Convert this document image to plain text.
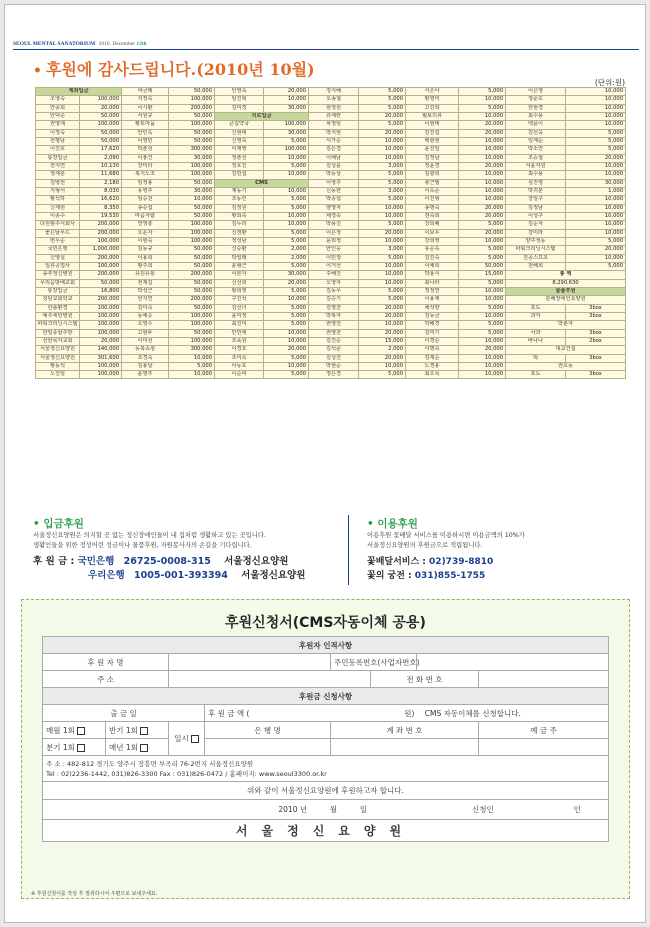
SEOUL MENTAL SANATORIUM 2010. December 13th
• 후원에 감사드립니다.(2010년 10월)
(단위:원)
계좌입금		여금례	50,000	안영숙	20,000	정지혜	5,000	서은아	5,000	이은영	10,000
조영숙	100,000	지정숙	100,000	임진혁	10,000	오송철	5,000	황영미	10,000	정준호	10,000
안종희	20,000	이시환	200,000	김미경	30,000	현정원	5,000	고진희	5,000	한현경	10,000
안덕준	50,000	서원규	50,000	지로입금		류재란	20,000	월보의류	10,000	최수용	10,000
권영재	100,000	황토마을	100,000	큰길약국	100,000	차정임	5,000	이현태	20,000	백윤이	10,000
이정숙	50,000	안인옥	50,000	신현태	30,000	박지현	20,000	김진섭	20,000	김선옥	5,000
전평남	50,000	이영민	50,000	신영숙	5,000	서가순	10,000	백광현	10,000	임계순	5,000
이진호	17,620	박춘성	300,000	이재영	100,000	김은경	10,000	윤진일	10,000	박소연	5,000
통장입금	2,090	이홍건	30,000	정춘선	10,000	이해남	10,000	김정남	10,000	조승철	20,000
전지연	10,130	강미라	100,000	정호진	5,000	김성윤	3,000	정윤경	20,000	서윤자원	10,000
정재훈	11,680	복지노조	100,000	김민섭	10,000	박동상	5,000	김광희	10,000	최수용	10,000
김병전	2,180	임정용	50,000	CMS		이영주	5,000	봉근필	10,000	심진영	30,000
지형서	8,030	유영주	30,000	제동기	10,000	신동한	3,000	이옥순	10,000	박귀분	1,000
황석하	16,620	임승천	10,000	조동린	5,000	박종섭	5,000	이진형	10,000	강일구	10,000
신재헌	8,350	송승섭	50,000	김정원	5,000	양영자	10,000	송명숙	20,000	김정남	10,000
이종수	19,530	마음자람	50,000	황희숙	10,000	채경숙	10,000	전숙희	20,000	이성구	10,000
다원범주식회사	200,000	연영흥	100,000	김누리	10,000	박용진	5,000	강희혜	5,000	김순자	10,000
좋은날푸드	200,000	오운자	100,000	신정환	5,000	이은정	20,000	이보우	20,000	강미라	10,000
변무순	100,000	이현숙	100,000	정성남	5,000	윤희정	10,000	강희영	10,000	양주생동	5,000
국민은행	1,000,000	김동규	50,000	신승환	2,000	안인웅	3,000	유순옥	5,000	파워크리닝시스템	20,000
신영실	200,000	이용희	50,000	박일래	2,000	이민정	5,000	김진숙	5,000	진공스프초	10,000
일류공업사	100,000	황주희	50,000	윤형근	5,000	이거선	10,000	이예희	50,000	전해희	5,000
송추정신병원	200,000	유원유통	200,000	이본자	30,000	주해진	10,000	박용식	15,000	총 액	
우리음방배교회	50,000	전재길	50,000	신선희	20,000	오영자	10,000	최나라	5,000	8,290,630	
통장입금	16,800	박성근	50,000	황희영	5,000	김동우	5,000	정정연	10,000	물품후원	
청담교회학교	200,000	한지연	200,000	구진석	10,000	김승기	5,000	이용재	10,000	분해장애인요양원	
한솔환경	100,000	김미숙	50,000	김선녀	5,000	김영찬	20,000	채석양	5,000	포도	3box
예주세민병원	100,000	동예승	100,000	윤미정	5,000	박복자	20,000	김동금	10,000	과자	3box
파워크리닝시스템	100,000	오영수	100,000	최진미	5,000	권영진	10,000	박혜경	5,000	박춘자	
한일종합주방	100,000	고현두	50,000	안민애	10,000	권영찬	20,000	김미기	5,000	사과	3box
선한목자교회	20,000	이미선	100,000	조육원	10,000	김진순	15,000	이경순	10,000	바나나	2box
서울정신요양원	140,000	동북쇼핑	300,000	이경호	20,000	김석준	2,000	이명숙	20,000	대교건설	
서울정신요양원	301,600	조경숙	10,000	조미옥	5,000	김성진	20,000	김재순	10,000	떡	3box
황동석	100,000	김용달	5,000	이동호	10,000	박현순	10,000	노경용	10,000	권호동	
노진일	100,000	윤영주	10,000	이순덕	5,000	정은경	5,000	최오목	10,000	포도	3box
• 입금후원
서울정신요양원은 의지할 곳 없는 정신장애인들이 내 집처럼 생활하고 있는 곳입니다.
생활인들을 위한 정성어린 성금이나 물품후원, 자원봉사자의 손길을 기다립니다.
후 원 금 : 국민은행 26725-0008-315 서울정신요양원
우리은행 1005-001-393394 서울정신요양원
• 이용후원
이용후원 꽃배달 서비스를 이용하시면 이용금액의 10%가
서울정신요양원의 후원금으로 적립됩니다.
꽃배달서비스 : 02)739-8810
꽃의 궁전 : 031)855-1755
후원신청서(CMS자동이체 공용)
후원자 인적사항							
후 원 자 명				주민등록번호(사업자번호)			
주 소					전 화 번 호		
후원금 신청사항							
출 금 일			후 원 금 액 ( 원) CMS 자동이체를 신청합니다.				
매월 1회	반기 1회	일시	은 행 명	계 좌 번 호			예 금 주
분기 1회	매년 1회						

주 소 : 482-812 경기도 양주시 장흥면 부곡리 76-2번지 서울정신요양원
Tel : 02)2236-1442, 031)826-3300 Fax : 031)826-0472 / 홈페이지: www.seoul3300.or.kr							

위와 같이 서울정신요양원에 후원하고자 합니다.							
2010 년 월 일 신청인 인							
서울정신요양원							
※ 후원신청서를 작성 후 절취하시어 우편으로 보내주세요.
